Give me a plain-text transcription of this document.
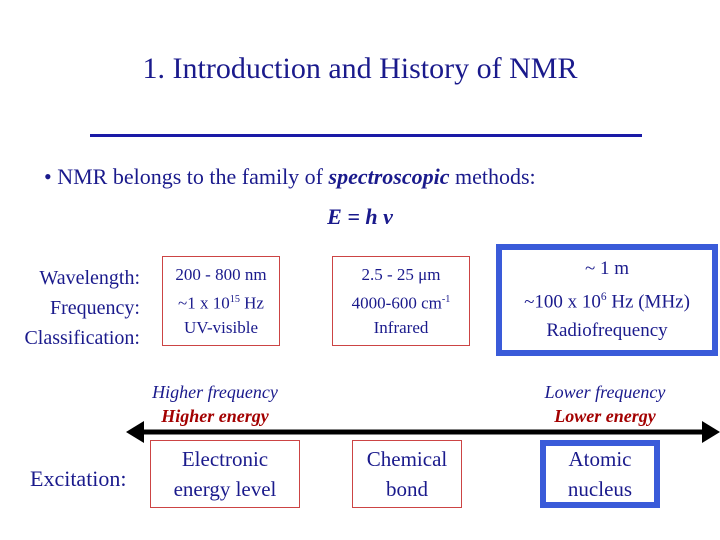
1. Introduction and History of NMR
• NMR belongs to the family of spectroscopic methods:
E = h ν
Wavelength:
Frequency:
Classification:
200 - 800 nm
~1 x $10^{15}$ Hz
UV-visible
2.5 - 25 μm
4000-600 $cm^{-1}$
Infrared
~ 1 m
~100 x $10^6$ Hz (MHz)
Radiofrequency
Higher frequency
Higher energy
Lower frequency
Lower energy
Excitation:
Electronic
energy level
Chemical
bond
Atomic
nucleus
